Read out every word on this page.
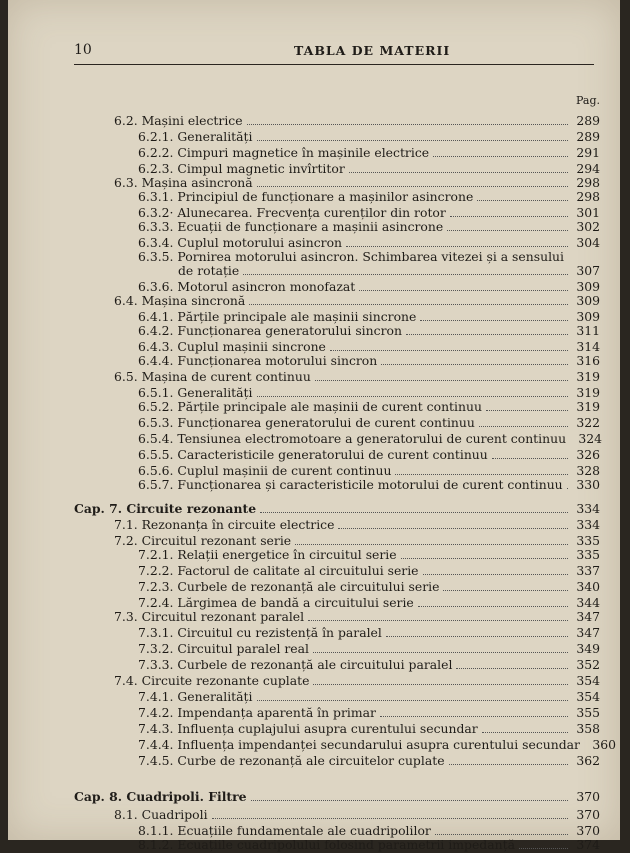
10	TABLA DE MATERII
Pag.
6.2. Mașini electrice	289
6.2.1. Generalități	289
6.2.2. Cimpuri magnetice în mașinile electrice	291
6.2.3. Cimpul magnetic invîrtitor	294
6.3. Mașina asincronă	298
6.3.1. Principiul de funcționare a mașinilor asincrone	298
6.3.2· Alunecarea. Frecvența curenților din rotor	301
6.3.3. Ecuații de funcționare a mașinii asincrone	302
6.3.4. Cuplul motorului asincron	304
6.3.5. Pornirea motorului asincron. Schimbarea vitezei și a sensului
de rotație	307
6.3.6. Motorul asincron monofazat	309
6.4. Mașina sincronă	309
6.4.1. Părțile principale ale mașinii sincrone	309
6.4.2. Funcționarea generatorului sincron	311
6.4.3. Cuplul mașinii sincrone	314
6.4.4. Funcționarea motorului sincron	316
6.5. Mașina de curent continuu	319
6.5.1. Generalități	319
6.5.2. Părțile principale ale mașinii de curent continuu	319
6.5.3. Funcționarea generatorului de curent continuu	322
6.5.4. Tensiunea electromotoare a generatorului de curent continuu 324
6.5.5. Caracteristicile generatorului de curent continuu	326
6.5.6. Cuplul mașinii de curent continuu	328
6.5.7. Funcționarea și caracteristicile motorului de curent continuu	330
Cap. 7. Circuite rezonante	334
7.1. Rezonanța în circuite electrice	334
7.2. Circuitul rezonant serie	335
7.2.1. Relații energetice în circuitul serie	335
7.2.2. Factorul de calitate al circuitului serie	337
7.2.3. Curbele de rezonanță ale circuitului serie	340
7.2.4. Lărgimea de bandă a circuitului serie	344
7.3. Circuitul rezonant paralel	347
7.3.1. Circuitul cu rezistență în paralel	347
7.3.2. Circuitul paralel real	349
7.3.3. Curbele de rezonanță ale circuitului paralel	352
7.4. Circuite rezonante cuplate	354
7.4.1. Generalități	354
7.4.2. Impendanța aparentă în primar	355
7.4.3. Influența cuplajului asupra curentului secundar	358
7.4.4. Influența impendanței secundarului asupra curentului secundar 360
7.4.5. Curbe de rezonanță ale circuitelor cuplate	362
Cap. 8. Cuadripoli. Filtre	370
8.1. Cuadripoli	370
8.1.1. Ecuațiile fundamentale ale cuadripolilor	370
8.1.2. Ecuațiile cuadripolului folosind parametrii impedanță	374
